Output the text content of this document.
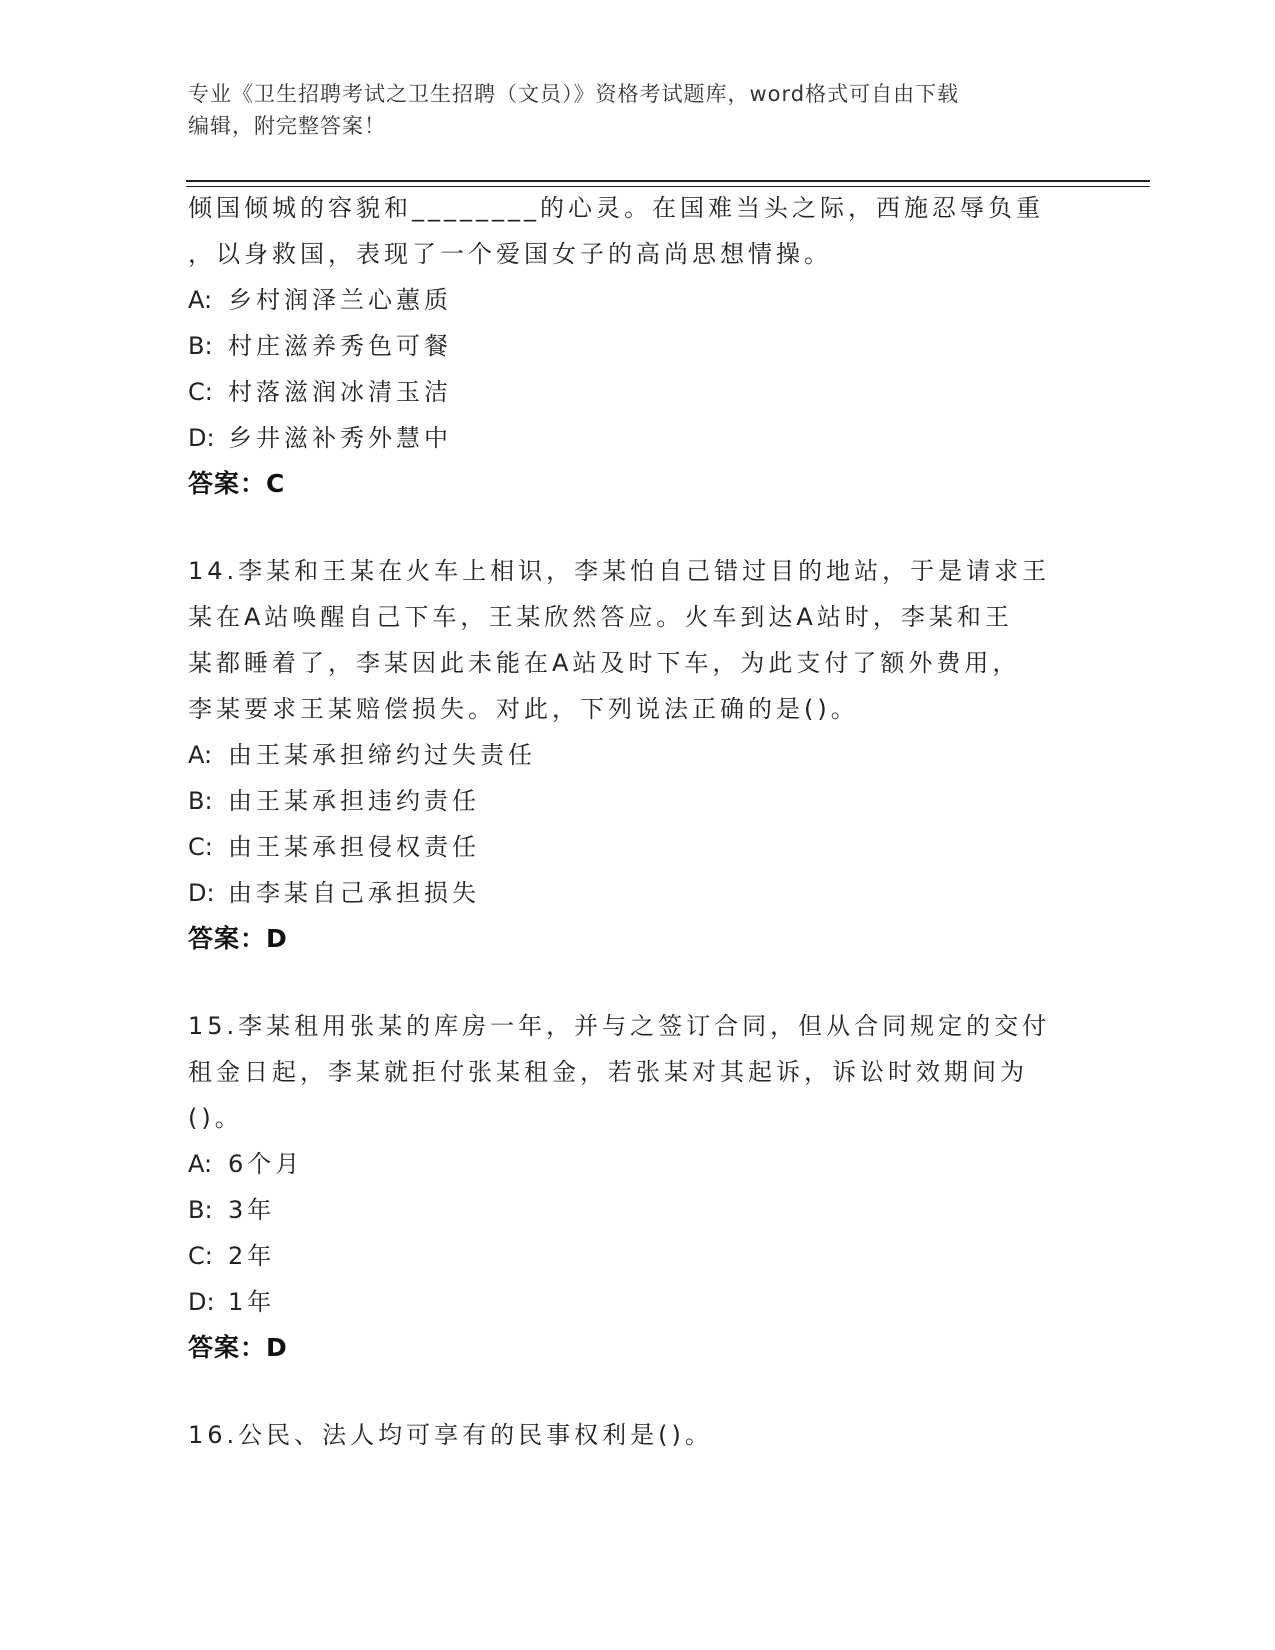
专业《卫生招聘考试之卫生招聘（文员）》资格考试题库，word格式可自由下载
编辑，附完整答案！
倾国倾城的容貌和________的心灵。在国难当头之际，西施忍辱负重
，以身救国，表现了一个爱国女子的高尚思想情操。
A: 乡村润泽兰心蕙质
B: 村庄滋养秀色可餐
C: 村落滋润冰清玉洁
D: 乡井滋补秀外慧中
答案：C
14.李某和王某在火车上相识，李某怕自己错过目的地站，于是请求王
某在A站唤醒自己下车，王某欣然答应。火车到达A站时，李某和王
某都睡着了，李某因此未能在A站及时下车，为此支付了额外费用，
李某要求王某赔偿损失。对此，下列说法正确的是()。
A: 由王某承担缔约过失责任
B: 由王某承担违约责任
C: 由王某承担侵权责任
D: 由李某自己承担损失
答案：D
15.李某租用张某的库房一年，并与之签订合同，但从合同规定的交付
租金日起，李某就拒付张某租金，若张某对其起诉，诉讼时效期间为
()。
A: 6个月
B: 3年
C: 2年
D: 1年
答案：D
16.公民、法人均可享有的民事权利是()。
